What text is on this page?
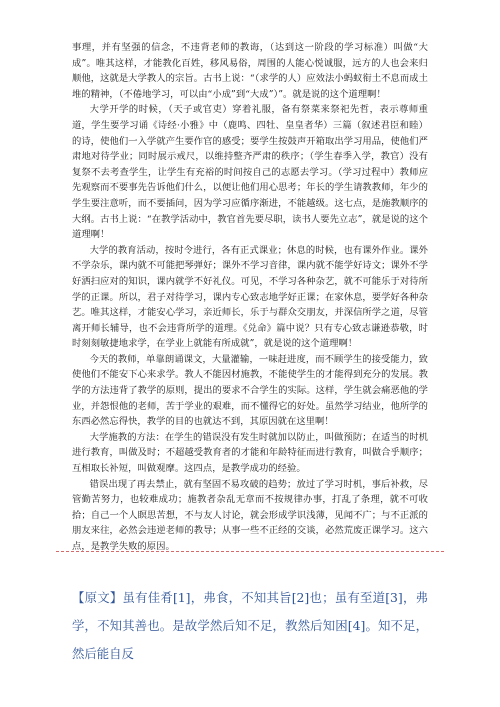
事理，并有坚强的信念，不违背老师的教诲，（达到这一阶段的学习标准）叫做“大成”。唯其这样，才能教化百姓，移风易俗，周围的人能心悦诚服，远方的人也会来归顺他，这就是大学教人的宗旨。古书上说：“（求学的人）应效法小蚂蚁衔土不息而成土堆的精神，（不倦地学习，可以由“小成”到“大成”）”。就是说的这个道理啊！

大学开学的时候，（天子或官吏）穿着礼服，备有祭菜来祭祀先哲，表示尊师重道，学生要学习诵《诗经·小雅》中（鹿鸣、四牡、皇皇者华）三篇（叙述君臣和睦）的诗，使他们一入学就产生要作官的感受；要学生按鼓声开箱取出学习用品，使他们严肃地对待学业；同时展示戒尺，以维持整齐严肃的秩序；（学生春季入学，教官）没有复祭不去考查学生，让学生有充裕的时间按自己的志愿去学习。（学习过程中）教师应先观察而不要事先告诉他们什么，以便让他们用心思考；年长的学生请教教师，年少的学生要注意听，而不要插问，因为学习应循序渐进，不能越级。这七点，是施教顺序的大纲。古书上说：“在教学活动中，教官首先要尽职，读书人要先立志”，就是说的这个道理啊！

大学的教育活动，按时令进行，各有正式课业；休息的时候，也有课外作业。课外不学杂乐，课内就不可能把琴弹好；课外不学习音律，课内就不能学好诗文；课外不学好洒扫应对的知识，课内就学不好礼仪。可见，不学习各种杂艺，就不可能乐于对待所学的正课。所以，君子对待学习，课内专心致志地学好正课；在家休息，要学好各种杂艺。唯其这样，才能安心学习，亲近师长，乐于与群众交朋友，并深信所学之道，尽管离开师长辅导，也不会违背所学的道理。《兑命》篇中说？只有专心致志谦逊恭敬，时时刻刻敏捷地求学，在学业上就能有所成就”，就是说的这个道理啊！

今天的教师，单靠朗诵课文，大量灌输，一味赶进度，而不顾学生的接受能力，致使他们不能安下心来求学。教人不能因材施教，不能使学生的才能得到充分的发展。教学的方法违背了教学的原则，提出的要求不合学生的实际。这样，学生就会痛恶他的学业，并怨恨他的老师，苦于学业的艰难，而不懂得它的好处。虽然学习结业，他所学的东西必然忘得快，教学的目的也就达不到，其原因就在这里啊！

大学施教的方法：在学生的错误没有发生时就加以防止，叫做预防；在适当的时机进行教育，叫做及时；不超越受教育者的才能和年龄特征而进行教育，叫做合乎顺序；互相取长补短，叫做观摩。这四点，是教学成功的经验。

错误出现了再去禁止，就有坚固不易攻破的趋势；放过了学习时机，事后补救，尽管勤苦努力，也较难成功；施教者杂乱无章而不按规律办事，打乱了条理，就不可收拾；自己一个人瞑思苦想，不与友人讨论，就会形成学识浅薄，见闻不广；与不正派的朋友来往，必然会违逆老师的教导；从事一些不正经的交谈，必然荒废正课学习。这六点，是教学失败的原因。

【原文】虽有佳肴[1]，弗食，不知其旨[2]也；虽有至道[3]，弗学，不知其善也。是故学然后知不足，教然后知困[4]。知不足，然后能自反
